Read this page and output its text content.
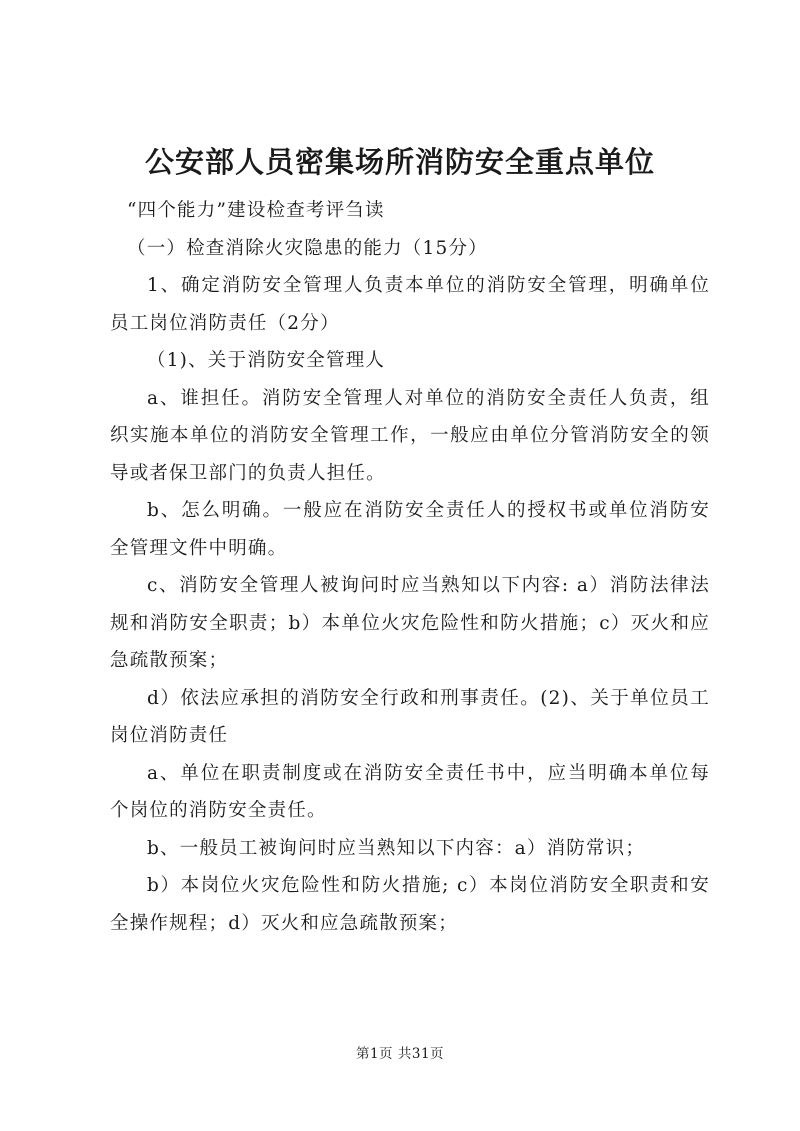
公安部人员密集场所消防安全重点单位

“四个能力”建设检查考评刍读

（一）检查消除火灾隐患的能力（15分）

1、确定消防安全管理人负责本单位的消防安全管理，明确单位员工岗位消防责任（2分）

（1)、关于消防安全管理人

a、谁担任。消防安全管理人对单位的消防安全责任人负责，组织实施本单位的消防安全管理工作，一般应由单位分管消防安全的领导或者保卫部门的负责人担任。

b、怎么明确。一般应在消防安全责任人的授权书或单位消防安全管理文件中明确。

c、消防安全管理人被询问时应当熟知以下内容: a）消防法律法规和消防安全职责；b）本单位火灾危险性和防火措施；c）灭火和应急疏散预案；

d）依法应承担的消防安全行政和刑事责任。(2)、关于单位员工岗位消防责任

a、单位在职责制度或在消防安全责任书中，应当明确本单位每个岗位的消防安全责任。

b、一般员工被询问时应当熟知以下内容：a）消防常识；

b）本岗位火灾危险性和防火措施; c）本岗位消防安全职责和安全操作规程；d）灭火和应急疏散预案；

第1页 共31页
